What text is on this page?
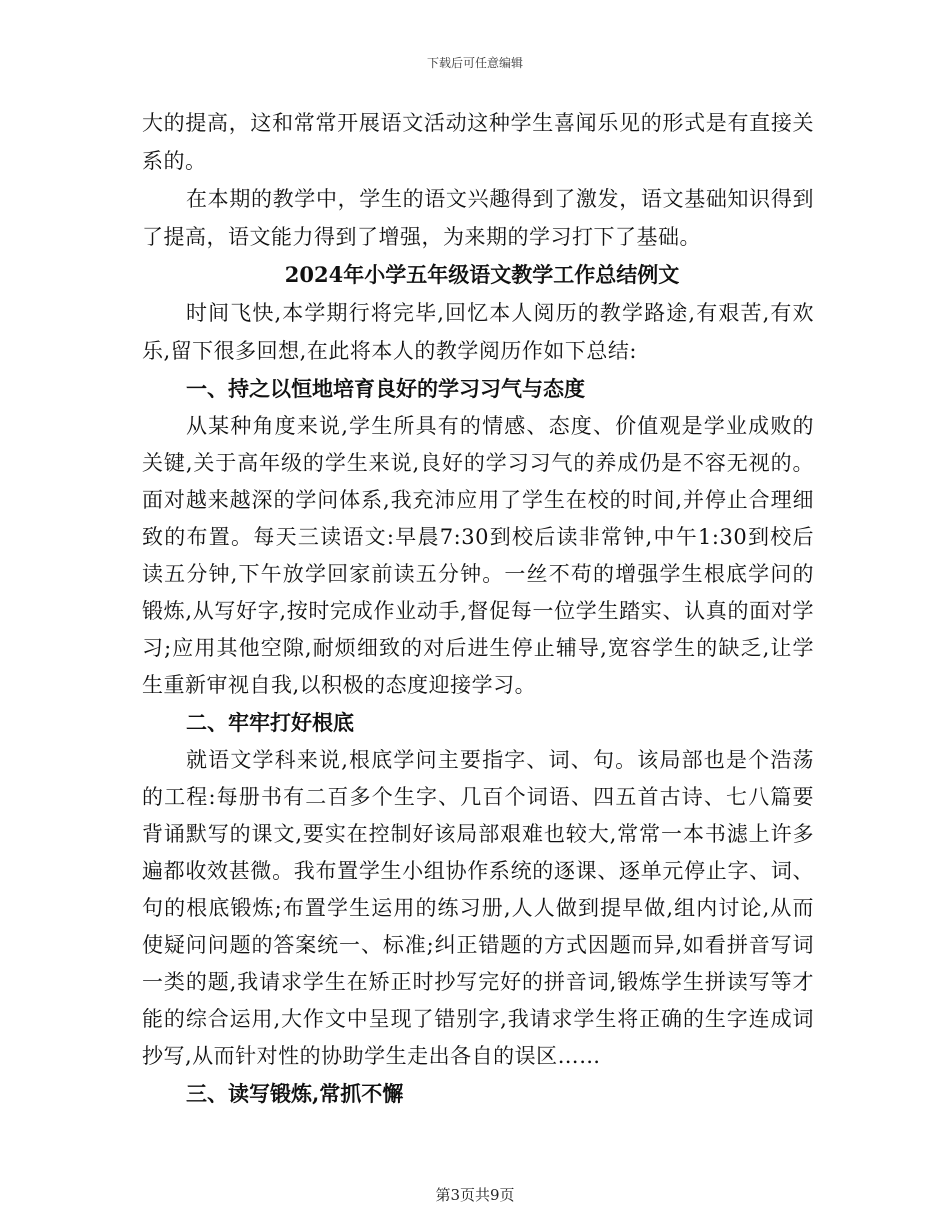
下载后可任意编辑

大的提高，这和常常开展语文活动这种学生喜闻乐见的形式是有直接关系的。

在本期的教学中，学生的语文兴趣得到了激发，语文基础知识得到了提高，语文能力得到了增强，为来期的学习打下了基础。

2024年小学五年级语文教学工作总结例文

时间飞快,本学期行将完毕,回忆本人阅历的教学路途,有艰苦,有欢乐,留下很多回想,在此将本人的教学阅历作如下总结:

一、持之以恒地培育良好的学习习气与态度

从某种角度来说,学生所具有的情感、态度、价值观是学业成败的关键,关于高年级的学生来说,良好的学习习气的养成仍是不容无视的。面对越来越深的学问体系,我充沛应用了学生在校的时间,并停止合理细致的布置。每天三读语文:早晨7:30到校后读非常钟,中午1:30到校后读五分钟,下午放学回家前读五分钟。一丝不苟的增强学生根底学问的锻炼,从写好字,按时完成作业动手,督促每一位学生踏实、认真的面对学习;应用其他空隙,耐烦细致的对后进生停止辅导,宽容学生的缺乏,让学生重新审视自我,以积极的态度迎接学习。

二、牢牢打好根底

就语文学科来说,根底学问主要指字、词、句。该局部也是个浩荡的工程:每册书有二百多个生字、几百个词语、四五首古诗、七八篇要背诵默写的课文,要实在控制好该局部艰难也较大,常常一本书滤上许多遍都收效甚微。我布置学生小组协作系统的逐课、逐单元停止字、词、句的根底锻炼;布置学生运用的练习册,人人做到提早做,组内讨论,从而使疑问问题的答案统一、标准;纠正错题的方式因题而异,如看拼音写词一类的题,我请求学生在矫正时抄写完好的拼音词,锻炼学生拼读写等才能的综合运用,大作文中呈现了错别字,我请求学生将正确的生字连成词抄写,从而针对性的协助学生走出各自的误区……

三、读写锻炼,常抓不懈

第3页共9页
